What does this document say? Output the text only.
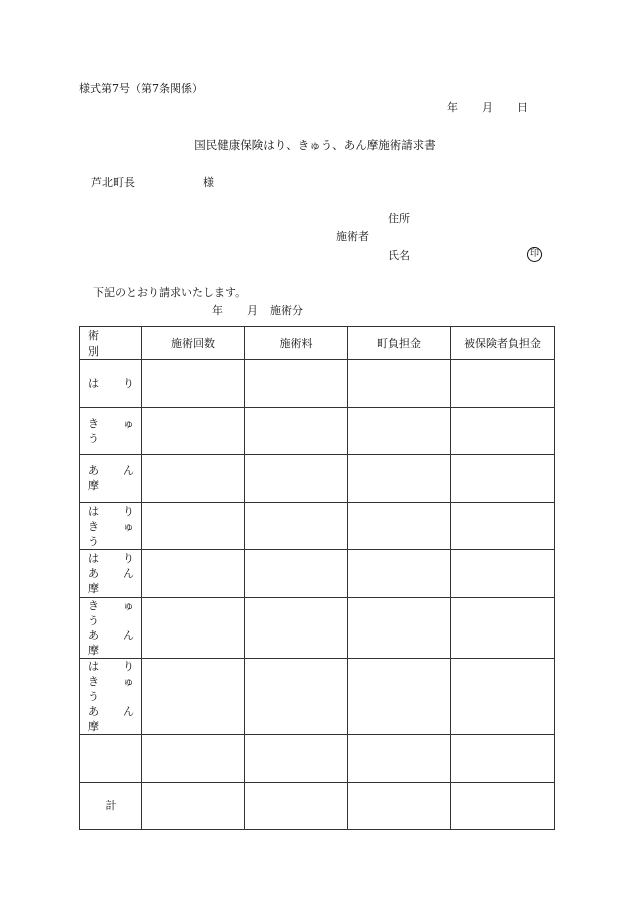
様式第7号（第7条関係）
年 月 日
国民健康保険はり、きゅう、あん摩施術請求書
芦北町長	様
住所
施術者
氏名	印
下記のとおり請求いたします。
年 月 施術分
術　　別	施術回数	施術料	町負担金	被保険者負担金

は　　り				

き　ゅ　う				

あ　ん　摩				

は　　り
き　ゅ　う				

は　　り
あ　ん　摩				

き　ゅ　う
あ　ん　摩				

は　　り
き　ゅ　う
あ　ん　摩				

計				
